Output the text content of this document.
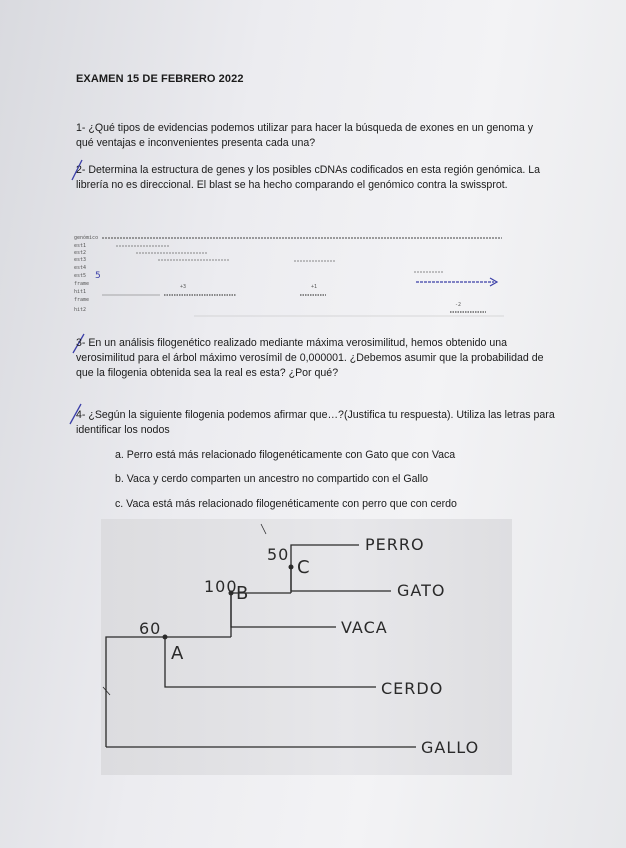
EXAMEN 15 DE FEBRERO 2022
1- ¿Qué tipos de evidencias podemos utilizar para hacer la búsqueda de exones en un genoma y qué ventajas e inconvenientes presenta cada una?
2- Determina la estructura de genes y los posibles cDNAs codificados en esta región genómica. La librería no es direccional. El blast se ha hecho comparando el genómico contra la swissprot.
genómico
est1
est2
est3
est4
est5 5
frame
hit1
frame
hit2
+3	+1
-2
3- En un análisis filogenético realizado mediante máxima verosimilitud, hemos obtenido una verosimilitud para el árbol máximo verosímil de 0,000001. ¿Debemos asumir que la probabilidad de que la filogenia obtenida sea la real es esta? ¿Por qué?
4- ¿Según la siguiente filogenia podemos afirmar que…?(Justifica tu respuesta). Utiliza las letras para identificar los nodos
a. Perro está más relacionado filogenéticamente con Gato que con Vaca
b. Vaca y cerdo comparten un ancestro no compartido con el Gallo
c. Vaca está más relacionado filogenéticamente con perro que con cerdo
PERRO
GATO
VACA
CERDO
GALLO
50
C
100
B
60
A
